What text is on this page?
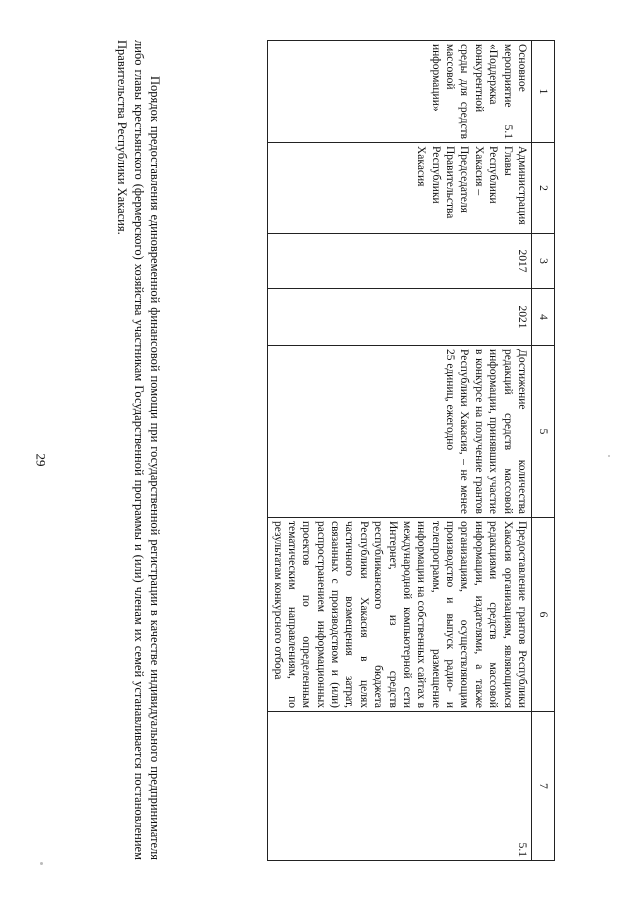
29
1	2	3	4	5	6	7
Основное мероприятие 5.1 «Поддержка конкурентной среды для средств массовой информации»	Администрация Главы Республики Хакасия – Председателя Правительства Республики Хакасия	2017	2021	Достижение количества редакций средств массовой информации, принявших участие в конкурсе на получение грантов Республики Хакасия, – не менее 25 единиц, ежегодно	Предоставление грантов Республики Хакасия организациям, являющимся редакциями средств массовой информации, издателями, а также организациям, осуществляющим производство и выпуск радио- и телепрограмм, размещение информации на собственных сайтах в международной компьютерной сети Интернет, из средств республиканского бюджета Республики Хакасия в целях частичного возмещения затрат, связанных с производством и (или) распространением информационных проектов по определенным тематическим направлениям, по результатам конкурсного отбора	5.1

Порядок предоставления единовременной финансовой помощи при государственной регистрации в качестве индивидуального предпринимателя либо главы крестьянского (фермерского) хозяйства участникам Государственной программы и (или) членам их семей устанавливается постановлением Правительства Республики Хакасия.
